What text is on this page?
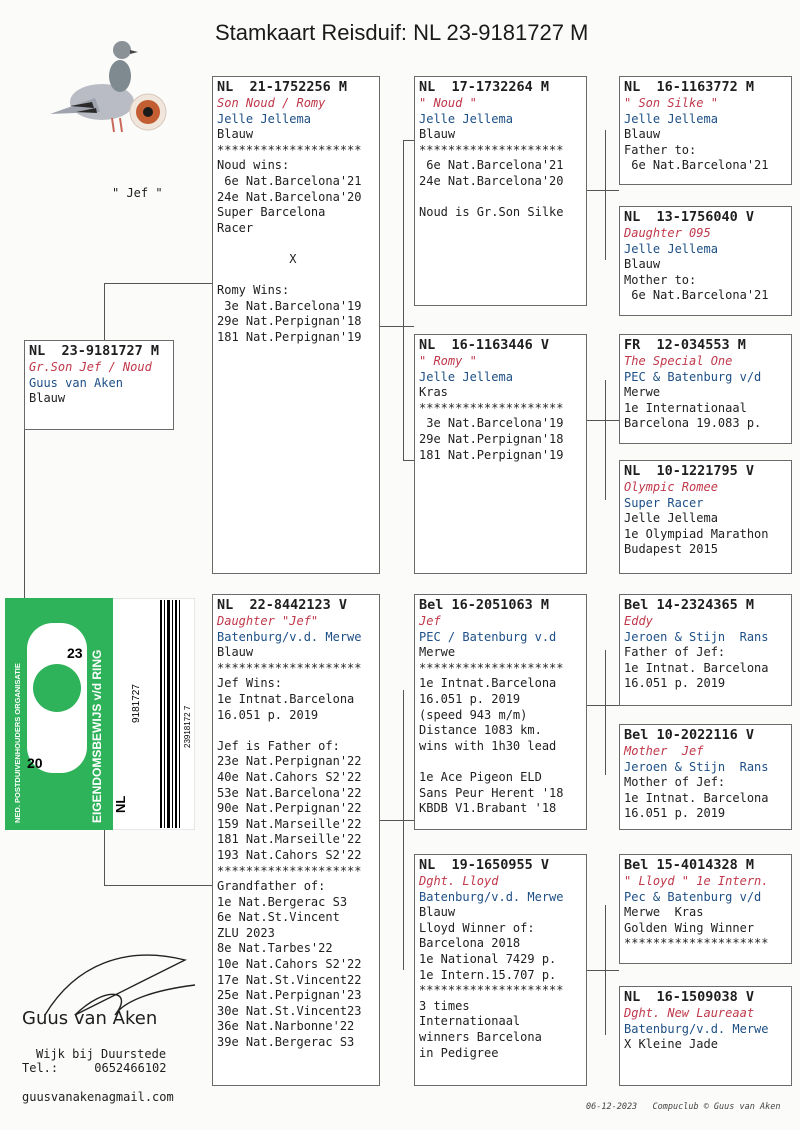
Stamkaart Reisduif: NL 23-9181727 M
" Jef "
NL  23-9181727 M
Gr.Son Jef / Noud
Guus van Aken
Blauw
NED. POSTDUIVENHOUDERS ORGANISATIE	EIGENDOMSBEWIJS v/d RING
23
20
NL
9181727
23918172 7
NL  21-1752256 M
Son Noud / Romy
Jelle Jellema
Blauw
********************
Noud wins:
6e Nat.Barcelona'21
24e Nat.Barcelona'20
Super Barcelona
Racer

X

Romy Wins:
3e Nat.Barcelona'19
29e Nat.Perpignan'18
181 Nat.Perpignan'19
NL  22-8442123 V
Daughter "Jef"
Batenburg/v.d. Merwe
Blauw
********************
Jef Wins:
1e Intnat.Barcelona
16.051 p. 2019

Jef is Father of:
23e Nat.Perpignan'22
40e Nat.Cahors S2'22
53e Nat.Barcelona'22
90e Nat.Perpignan'22
159 Nat.Marseille'22
181 Nat.Marseille'22
193 Nat.Cahors S2'22
********************
Grandfather of:
1e Nat.Bergerac S3
6e Nat.St.Vincent
ZLU 2023
8e Nat.Tarbes'22
10e Nat.Cahors S2'22
17e Nat.St.Vincent22
25e Nat.Perpignan'23
30e Nat.St.Vincent23
36e Nat.Narbonne'22
39e Nat.Bergerac S3
NL  17-1732264 M
" Noud "
Jelle Jellema
Blauw
********************
6e Nat.Barcelona'21
24e Nat.Barcelona'20

Noud is Gr.Son Silke
NL  16-1163446 V
" Romy "
Jelle Jellema
Kras
********************
3e Nat.Barcelona'19
29e Nat.Perpignan'18
181 Nat.Perpignan'19
Bel 16-2051063 M
Jef
PEC / Batenburg v.d
Merwe
********************
1e Intnat.Barcelona
16.051 p. 2019
(speed 943 m/m)
Distance 1083 km.
wins with 1h30 lead

1e Ace Pigeon ELD
Sans Peur Herent '18
KBDB V1.Brabant '18
NL  19-1650955 V
Dght. Lloyd
Batenburg/v.d. Merwe
Blauw
Lloyd Winner of:
Barcelona 2018
1e National 7429 p.
1e Intern.15.707 p.
********************
3 times
Internationaal
winners Barcelona
in Pedigree
NL  16-1163772 M
" Son Silke "
Jelle Jellema
Blauw
Father to:
6e Nat.Barcelona'21
NL  13-1756040 V
Daughter 095
Jelle Jellema
Blauw
Mother to:
6e Nat.Barcelona'21
FR  12-034553 M
The Special One
PEC & Batenburg v/d
Merwe
1e Internationaal
Barcelona 19.083 p.
NL  10-1221795 V
Olympic Romee
Super Racer
Jelle Jellema
1e Olympiad Marathon
Budapest 2015
Bel 14-2324365 M
Eddy
Jeroen & Stijn  Rans
Father of Jef:
1e Intnat. Barcelona
16.051 p. 2019
Bel 10-2022116 V
Mother  Jef
Jeroen & Stijn  Rans
Mother of Jef:
1e Intnat. Barcelona
16.051 p. 2019
Bel 15-4014328 M
" Lloyd " 1e Intern.
Pec & Batenburg v/d
Merwe  Kras
Golden Wing Winner
********************
NL  16-1509038 V
Dght. New Laureaat
Batenburg/v.d. Merwe
X Kleine Jade
Guus van Aken
Wijk bij Duurstede
Tel.:     0652466102
guusvanakenagmail.com
06-12-2023   Compuclub © Guus van Aken
